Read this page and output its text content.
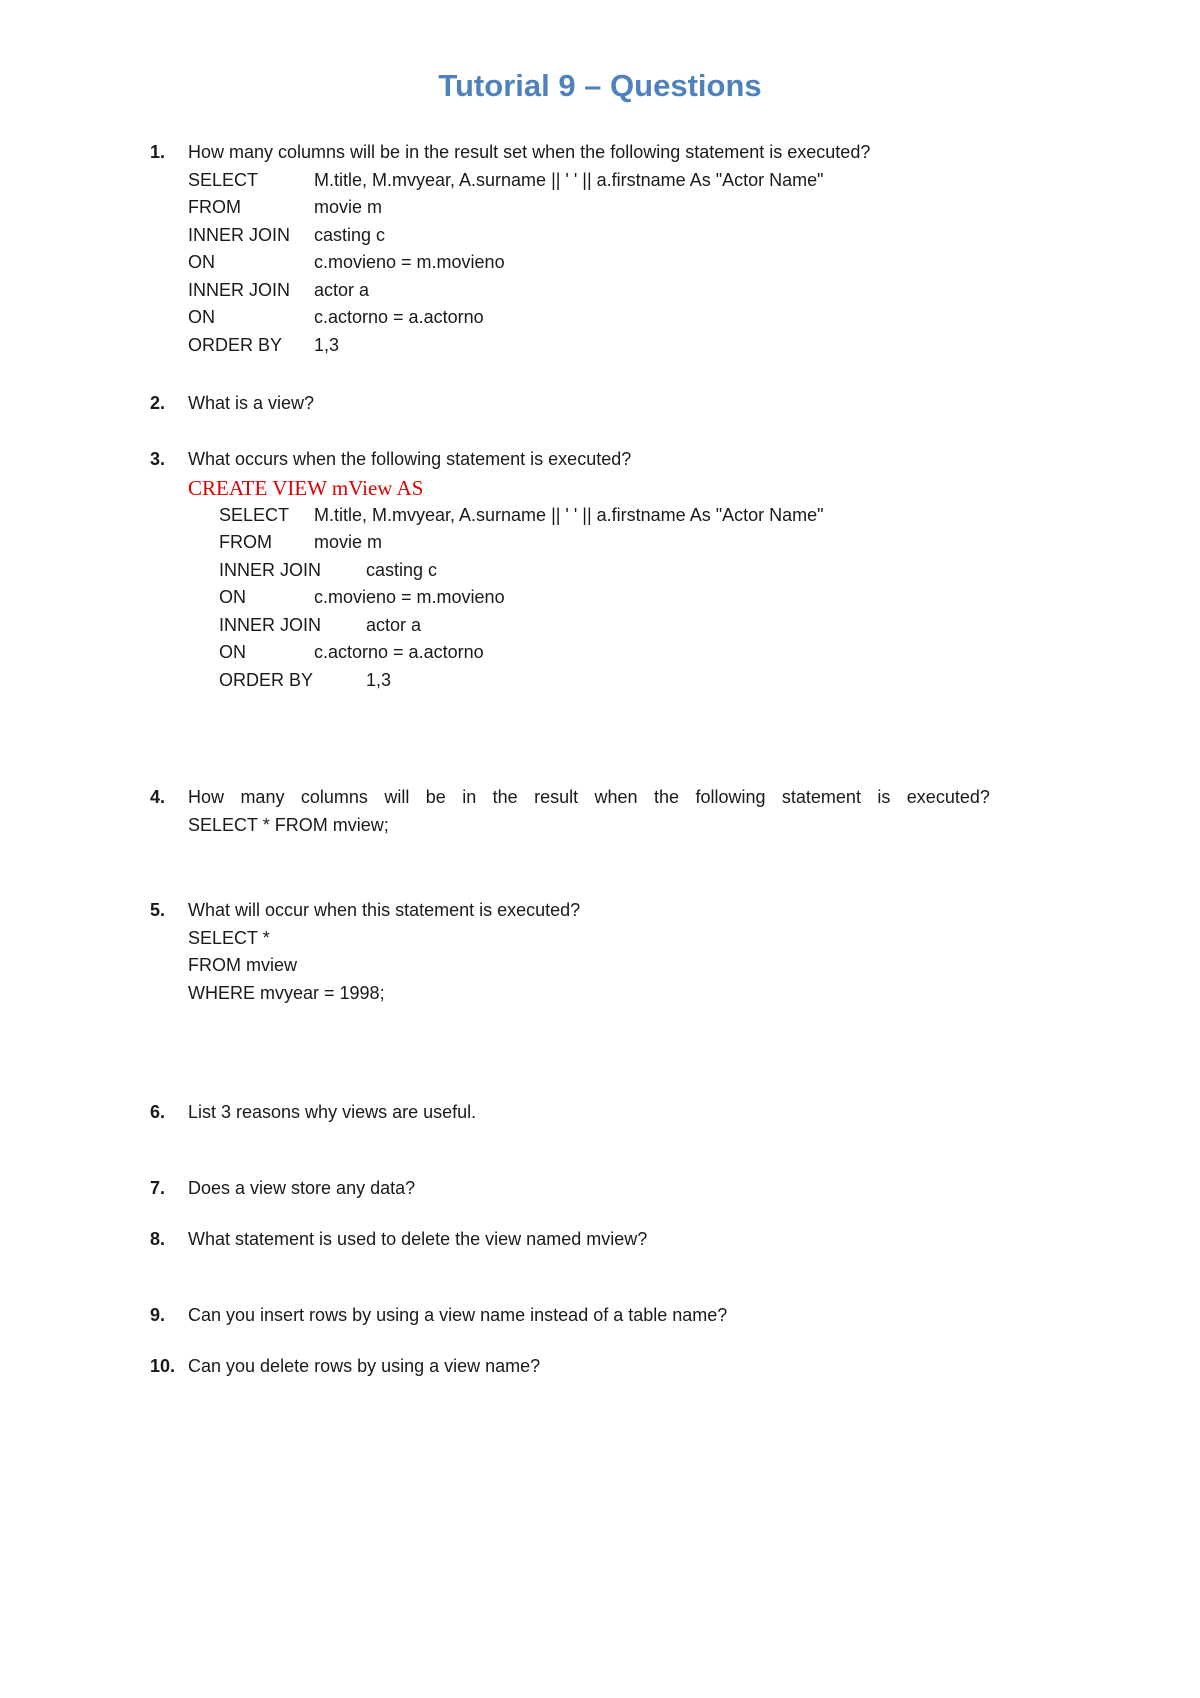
Tutorial 9 – Questions
1. How many columns will be in the result set when the following statement is executed?
SELECT	M.title, M.mvyear, A.surname || ' ' || a.firstname As "Actor Name"
FROM	movie m
INNER JOIN	casting c
ON	c.movieno = m.movieno
INNER JOIN	actor a
ON	c.actorno = a.actorno
ORDER BY	1,3
2. What is a view?
3. What occurs when the following statement is executed?
CREATE VIEW mView AS
SELECT	M.title, M.mvyear, A.surname || ' ' || a.firstname As "Actor Name"
FROM	movie m
INNER JOIN	casting c
ON	c.movieno = m.movieno
INNER JOIN	actor a
ON	c.actorno = a.actorno
ORDER BY	1,3
4. How many columns will be in the result when the following statement is executed?
SELECT * FROM mview;
5. What will occur when this statement is executed?
SELECT *
FROM mview
WHERE mvyear = 1998;
6. List 3 reasons why views are useful.
7. Does a view store any data?
8. What statement is used to delete the view named mview?
9. Can you insert rows by using a view name instead of a table name?
10. Can you delete rows by using a view name?
